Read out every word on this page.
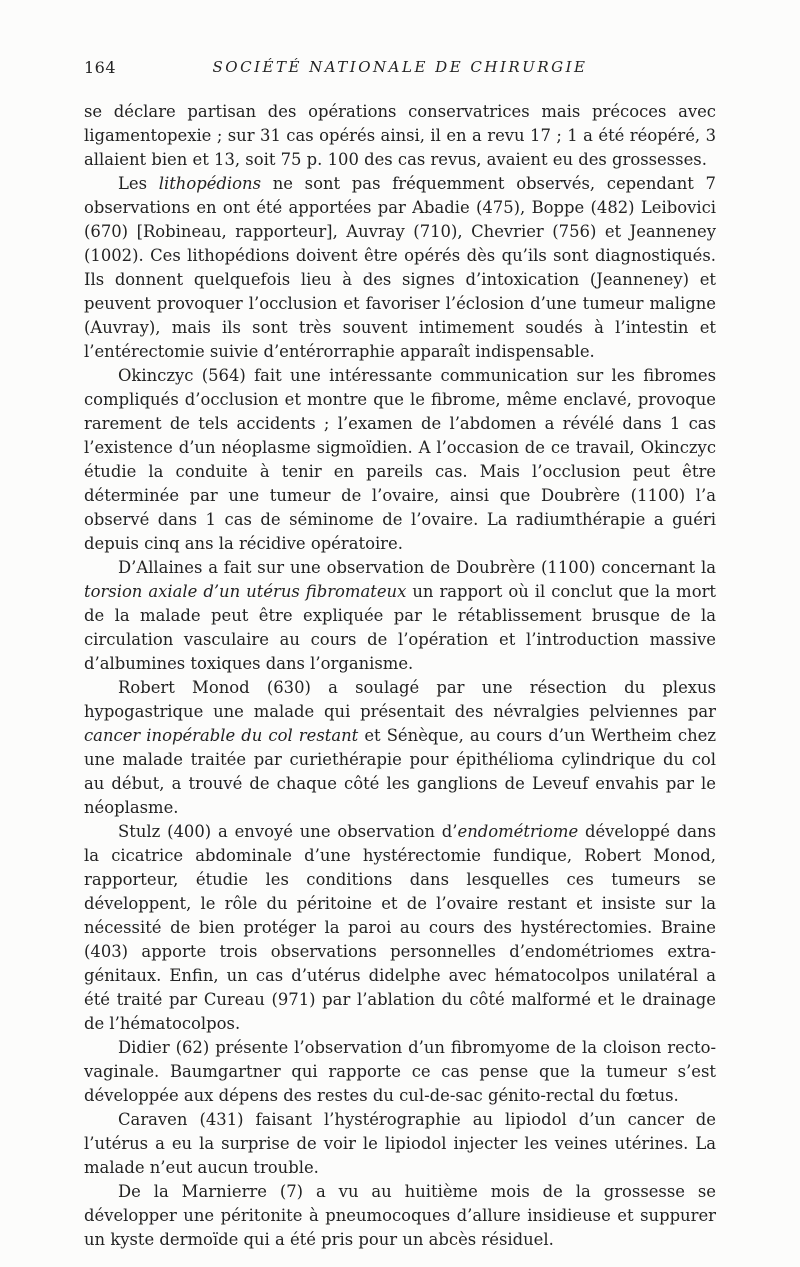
164	SOCIÉTÉ NATIONALE DE CHIRURGIE

se déclare partisan des opérations conservatrices mais précoces avec ligamentopexie ; sur 31 cas opérés ainsi, il en a revu 17 ; 1 a été réopéré, 3 allaient bien et 13, soit 75 p. 100 des cas revus, avaient eu des grossesses.

Les lithopédions ne sont pas fréquemment observés, cependant 7 observations en ont été apportées par Abadie (475), Boppe (482) Leibovici (670) [Robineau, rapporteur], Auvray (710), Chevrier (756) et Jeanneney (1002). Ces lithopédions doivent être opérés dès qu’ils sont diagnostiqués. Ils donnent quelquefois lieu à des signes d’intoxication (Jeanneney) et peuvent provoquer l’occlusion et favoriser l’éclosion d’une tumeur maligne (Auvray), mais ils sont très souvent intimement soudés à l’intestin et l’entérectomie suivie d’entérorraphie apparaît indispensable.

Okinczyc (564) fait une intéressante communication sur les fibromes compliqués d’occlusion et montre que le fibrome, même enclavé, provoque rarement de tels accidents ; l’examen de l’abdomen a révélé dans 1 cas l’existence d’un néoplasme sigmoïdien. A l’occasion de ce travail, Okinczyc étudie la conduite à tenir en pareils cas. Mais l’occlusion peut être déterminée par une tumeur de l’ovaire, ainsi que Doubrère (1100) l’a observé dans 1 cas de séminome de l’ovaire. La radiumthérapie a guéri depuis cinq ans la récidive opératoire.

D’Allaines a fait sur une observation de Doubrère (1100) concernant la torsion axiale d’un utérus fibromateux un rapport où il conclut que la mort de la malade peut être expliquée par le rétablissement brusque de la circulation vasculaire au cours de l’opération et l’introduction massive d’albumines toxiques dans l’organisme.

Robert Monod (630) a soulagé par une résection du plexus hypogastrique une malade qui présentait des névralgies pelviennes par cancer inopérable du col restant et Sénèque, au cours d’un Wertheim chez une malade traitée par curiethérapie pour épithélioma cylindrique du col au début, a trouvé de chaque côté les ganglions de Leveuf envahis par le néoplasme.

Stulz (400) a envoyé une observation d’endométriome développé dans la cicatrice abdominale d’une hystérectomie fundique, Robert Monod, rapporteur, étudie les conditions dans lesquelles ces tumeurs se développent, le rôle du péritoine et de l’ovaire restant et insiste sur la nécessité de bien protéger la paroi au cours des hystérectomies. Braine (403) apporte trois observations personnelles d’endométriomes extra-génitaux. Enfin, un cas d’utérus didelphe avec hématocolpos unilatéral a été traité par Cureau (971) par l’ablation du côté malformé et le drainage de l’hématocolpos.

Didier (62) présente l’observation d’un fibromyome de la cloison recto-vaginale. Baumgartner qui rapporte ce cas pense que la tumeur s’est développée aux dépens des restes du cul-de-sac génito-rectal du fœtus.

Caraven (431) faisant l’hystérographie au lipiodol d’un cancer de l’utérus a eu la surprise de voir le lipiodol injecter les veines utérines. La malade n’eut aucun trouble.

De la Marnierre (7) a vu au huitième mois de la grossesse se développer une péritonite à pneumocoques d’allure insidieuse et suppurer un kyste dermoïde qui a été pris pour un abcès résiduel.
